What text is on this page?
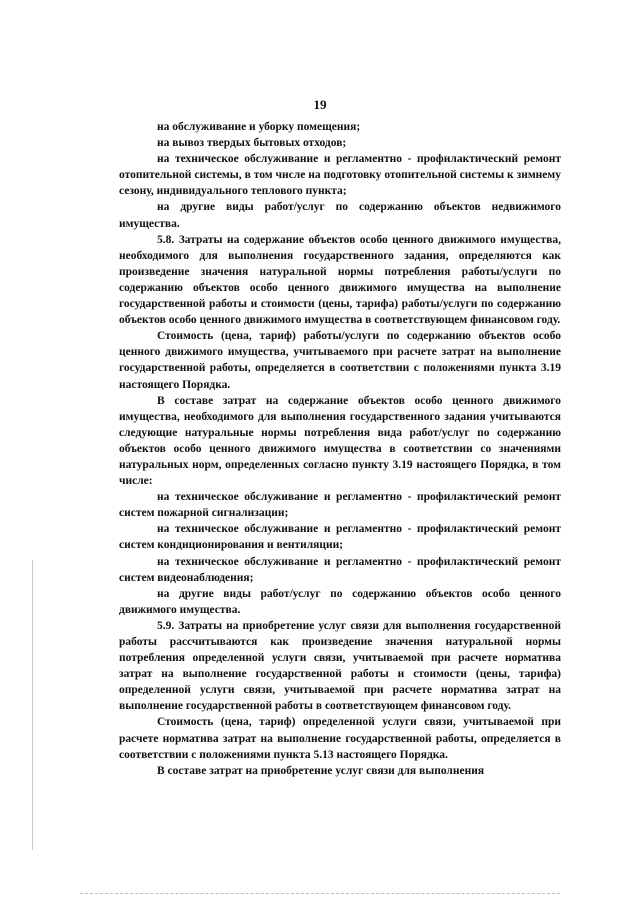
19

на обслуживание и уборку помещения;

на вывоз твердых бытовых отходов;

на техническое обслуживание и регламентно - профилактический ремонт отопительной системы, в том числе на подготовку отопительной системы к зимнему сезону, индивидуального теплового пункта;

на другие виды работ/услуг по содержанию объектов недвижимого имущества.

5.8. Затраты на содержание объектов особо ценного движимого имущества, необходимого для выполнения государственного задания, определяются как произведение значения натуральной нормы потребления работы/услуги по содержанию объектов особо ценного движимого имущества на выполнение государственной работы и стоимости (цены, тарифа) работы/услуги по содержанию объектов особо ценного движимого имущества в соответствующем финансовом году.

Стоимость (цена, тариф) работы/услуги по содержанию объектов особо ценного движимого имущества, учитываемого при расчете затрат на выполнение государственной работы, определяется в соответствии с положениями пункта 3.19 настоящего Порядка.

В составе затрат на содержание объектов особо ценного движимого имущества, необходимого для выполнения государственного задания учитываются следующие натуральные нормы потребления вида работ/услуг по содержанию объектов особо ценного движимого имущества в соответствии со значениями натуральных норм, определенных согласно пункту 3.19 настоящего Порядка, в том числе:

на техническое обслуживание и регламентно - профилактический ремонт систем пожарной сигнализации;

на техническое обслуживание и регламентно - профилактический ремонт систем кондиционирования и вентиляции;

на техническое обслуживание и регламентно - профилактический ремонт систем видеонаблюдения;

на другие виды работ/услуг по содержанию объектов особо ценного движимого имущества.

5.9. Затраты на приобретение услуг связи для выполнения государственной работы рассчитываются как произведение значения натуральной нормы потребления определенной услуги связи, учитываемой при расчете норматива затрат на выполнение государственной работы и стоимости (цены, тарифа) определенной услуги связи, учитываемой при расчете норматива затрат на выполнение государственной работы в соответствующем финансовом году.

Стоимость (цена, тариф) определенной услуги связи, учитываемой при расчете норматива затрат на выполнение государственной работы, определяется в соответствии с положениями пункта 5.13 настоящего Порядка.

В составе затрат на приобретение услуг связи для выполнения
